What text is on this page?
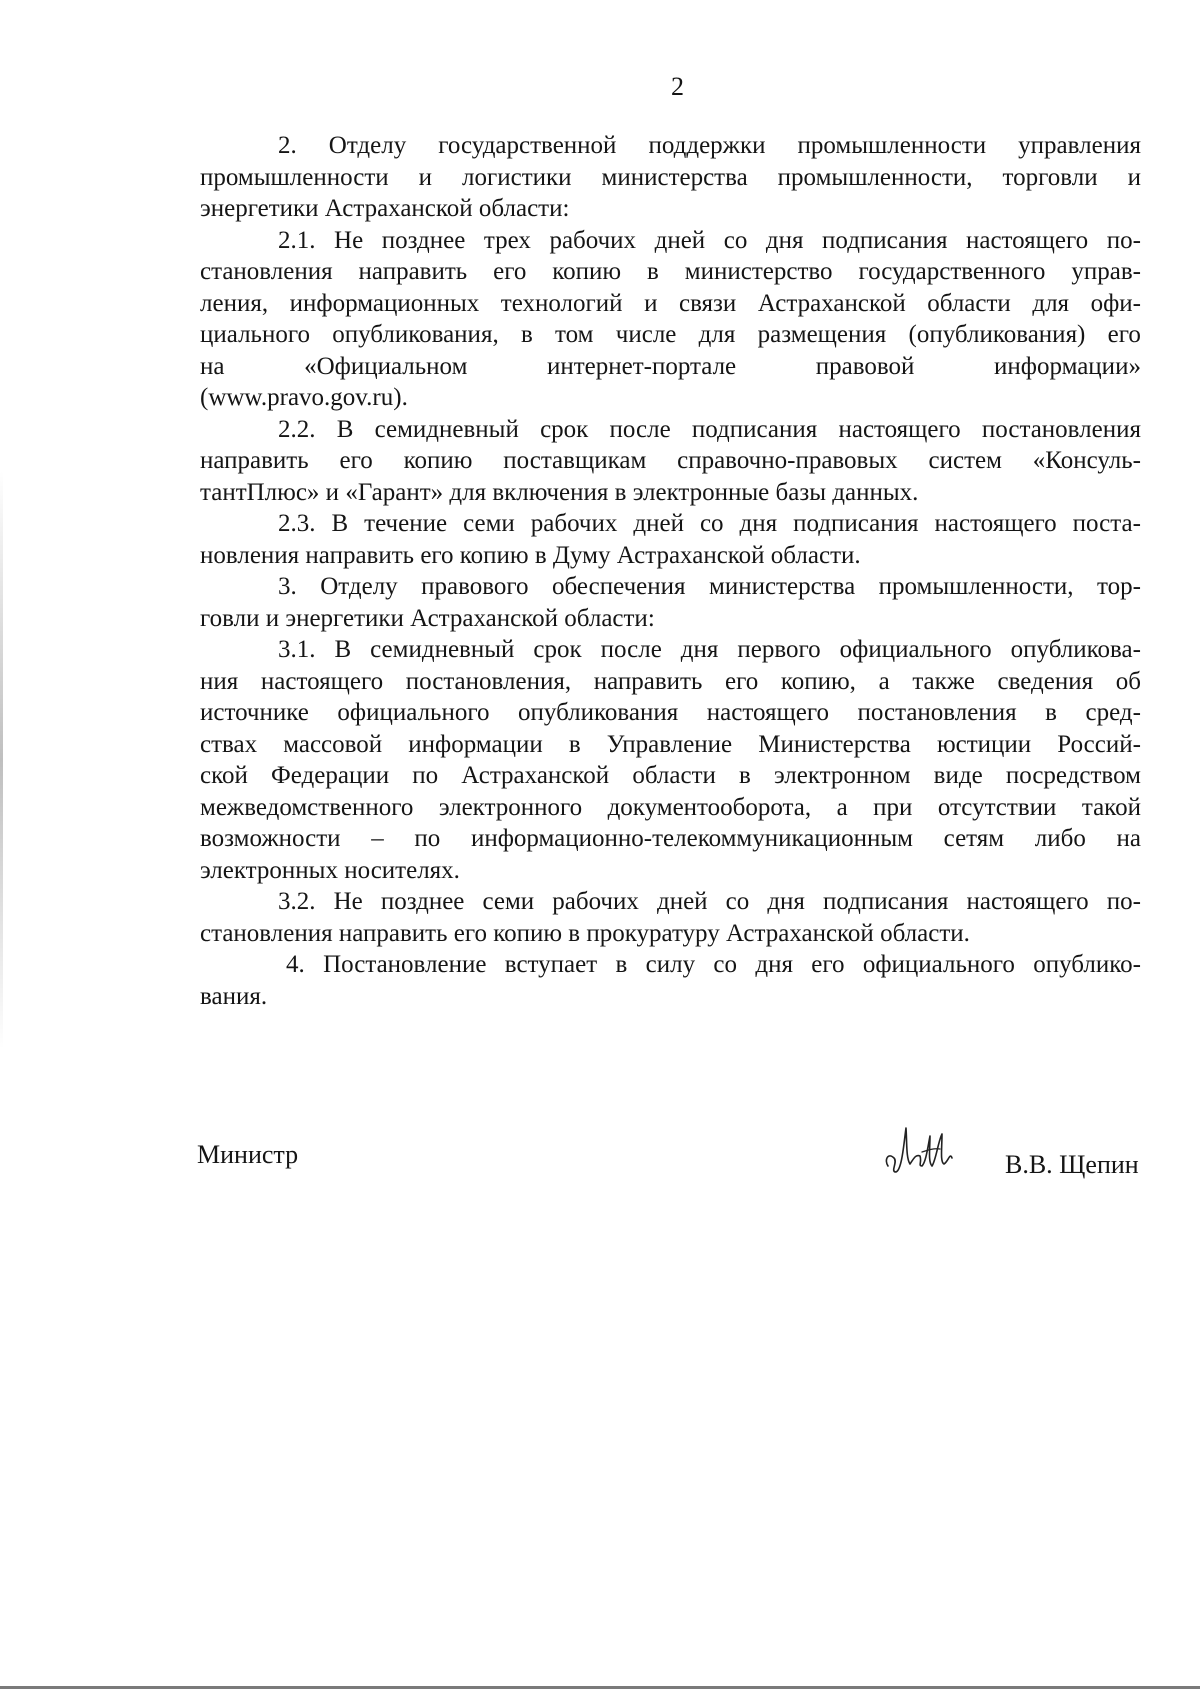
2
2. Отделу государственной поддержки промышленности управления
промышленности и логистики министерства промышленности, торговли и
энергетики Астраханской области:
2.1. Не позднее трех рабочих дней со дня подписания настоящего по-
становления направить его копию в министерство государственного управ-
ления, информационных технологий и связи Астраханской области для офи-
циального опубликования, в том числе для размещения (опубликования) его
на	«Официальном	интернет-портале	правовой	информации»
(www.pravo.gov.ru).
2.2. В семидневный срок после подписания настоящего постановления
направить его копию поставщикам справочно-правовых систем «Консуль-
тантПлюс» и «Гарант» для включения в электронные базы данных.
2.3. В течение семи рабочих дней со дня подписания настоящего поста-
новления направить его копию в Думу Астраханской области.
3. Отделу правового обеспечения министерства промышленности, тор-
говли и энергетики Астраханской области:
3.1. В семидневный срок после дня первого официального опубликова-
ния настоящего постановления, направить его копию, а также сведения об
источнике официального опубликования настоящего постановления в сред-
ствах массовой информации в Управление Министерства юстиции Россий-
ской Федерации по Астраханской области в электронном виде посредством
межведомственного электронного документооборота, а при отсутствии такой
возможности – по информационно-телекоммуникационным сетям либо на
электронных носителях.
3.2. Не позднее семи рабочих дней со дня подписания настоящего по-
становления направить его копию в прокуратуру Астраханской области.
4. Постановление вступает в силу со дня его официального опублико-
вания.
Министр	В.В. Щепин
